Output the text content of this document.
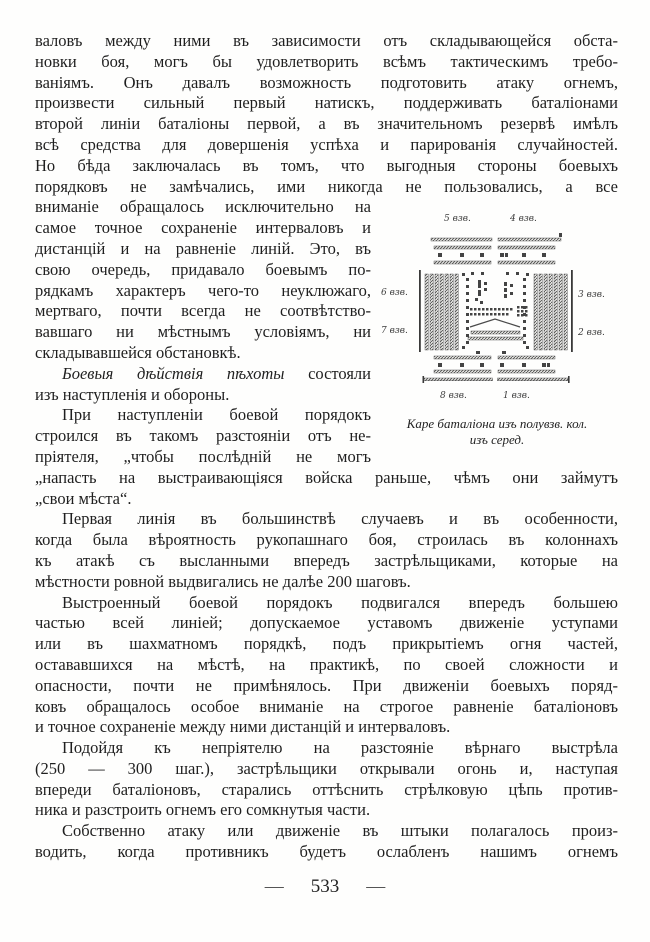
валовъ между ними въ зависимости отъ складывающейся обста-
новки боя, могъ бы удовлетворить всѣмъ тактическимъ требо-
ваніямъ. Онъ давалъ возможность подготовить атаку огнемъ,
произвести сильный первый натискъ, поддерживать баталіонами
второй линіи баталіоны первой, а въ значительномъ резервѣ имѣлъ
всѣ средства для довершенія успѣха и парированія случайностей.
Но бѣда заключалась въ томъ, что выгодныя стороны боевыхъ
порядковъ не замѣчались, ими никогда не пользовались, а все
вниманіе обращалось исключительно на
самое точное сохраненіе интерваловъ и
дистанцій и на равненіе линій. Это, въ
свою очередь, придавало боевымъ по-
рядкамъ характеръ чего-то неуклюжаго,
мертваго, почти всегда не соотвѣтство-
вавшаго ни мѣстнымъ условіямъ, ни
складывавшейся обстановкѣ.
Боевыя дѣйствія пѣхоты состояли
изъ наступленія и обороны.
При наступленіи боевой порядокъ
строился въ такомъ разстояніи отъ не-
пріятеля, „чтобы послѣдній не могъ
„напасть на выстраивающіяся войска раньше, чѣмъ они займутъ
„свои мѣста“.
Первая линія въ большинствѣ случаевъ и въ особенности,
когда была вѣроятность рукопашнаго боя, строилась въ колоннахъ
къ атакѣ съ высланными впередъ застрѣльщиками, которые на
мѣстности ровной выдвигались не далѣе 200 шаговъ.
Выстроенный боевой порядокъ подвигался впередъ большею
частью всей линіей; допускаемое уставомъ движеніе уступами
или въ шахматномъ порядкѣ, подъ прикрытіемъ огня частей,
остававшихся на мѣстѣ, на практикѣ, по своей сложности и
опасности, почти не примѣнялось. При движеніи боевыхъ поряд-
ковъ обращалось особое вниманіе на строгое равненіе баталіоновъ
и точное сохраненіе между ними дистанцій и интерваловъ.
Подойдя къ непріятелю на разстояніе вѣрнаго выстрѣла
(250 — 300 шаг.), застрѣльщики открывали огонь и, наступая
впереди баталіоновъ, старались оттѣснить стрѣлковую цѣпь против-
ника и разстроить огнемъ его сомкнутыя части.
Собственно атаку или движеніе въ штыки полагалось произ-
водить, когда противникъ будетъ ослабленъ нашимъ огнемъ
5 взв.	4 взв.
6 взв.
7 взв.
3 взв.
2 взв.
8 взв.	1 взв.
Каре баталіона изъ полувзв. кол.
изъ серед.
— 533 —
